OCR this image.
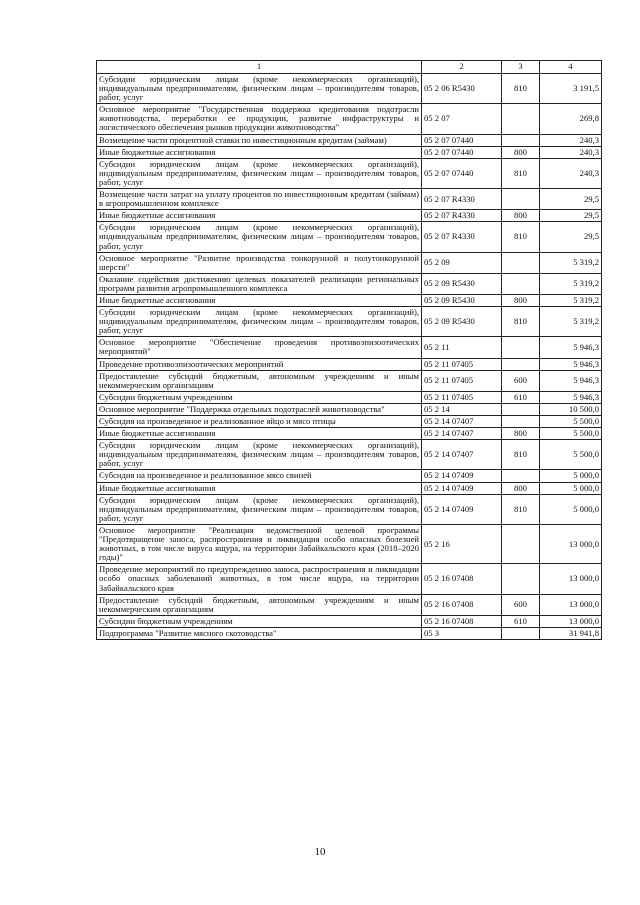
1	2	3	4
Субсидии юридическим лицам (кроме некоммерческих организаций), индивидуальным предпринимателям, физическим лицам – производителям товаров, работ, услуг	05 2 06 R5430	810	3 191,5
Основное мероприятие "Государственная поддержка кредитования подотрасли животноводства, переработки ее продукции, развитие инфраструктуры и логистического обеспечения рынков продукции животноводства"	05 2 07		269,8
Возмещение части процентной ставки по инвестиционным кредитам (займам)	05 2 07 07440		240,3
Иные бюджетные ассигнования	05 2 07 07440	800	240,3
Субсидии юридическим лицам (кроме некоммерческих организаций), индивидуальным предпринимателям, физическим лицам – производителям товаров, работ, услуг	05 2 07 07440	810	240,3
Возмещение части затрат на уплату процентов по инвестиционным кредитам (займам) в агропромышленном комплексе	05 2 07 R4330		29,5
Иные бюджетные ассигнования	05 2 07 R4330	800	29,5
Субсидии юридическим лицам (кроме некоммерческих организаций), индивидуальным предпринимателям, физическим лицам – производителям товаров, работ, услуг	05 2 07 R4330	810	29,5
Основное мероприятие "Развитие производства тонкорунной и полутонкорунной шерсти"	05 2 09		5 319,2
Оказание содействия достижению целевых показателей реализации региональных программ развития агропромышленного комплекса	05 2 09 R5430		5 319,2
Иные бюджетные ассигнования	05 2 09 R5430	800	5 319,2
Субсидии юридическим лицам (кроме некоммерческих организаций), индивидуальным предпринимателям, физическим лицам – производителям товаров, работ, услуг	05 2 09 R5430	810	5 319,2
Основное мероприятие "Обеспечение проведения противоэпизоотических мероприятий"	05 2 11		5 946,3
Проведение противоэпизоотических мероприятий	05 2 11 07405		5 946,3
Предоставление субсидий бюджетным, автономным учреждениям и иным некоммерческим организациям	05 2 11 07405	600	5 946,3
Субсидии бюджетным учреждениям	05 2 11 07405	610	5 946,3
Основное мероприятие "Поддержка отдельных подотраслей животноводства"	05 2 14		10 500,0
Субсидия на произведенное и реализованное яйцо и мясо птицы	05 2 14 07407		5 500,0
Иные бюджетные ассигнования	05 2 14 07407	800	5 500,0
Субсидии юридическим лицам (кроме некоммерческих организаций), индивидуальным предпринимателям, физическим лицам – производителям товаров, работ, услуг	05 2 14 07407	810	5 500,0
Субсидия на произведенное и реализованное мясо свиней	05 2 14 07409		5 000,0
Иные бюджетные ассигнования	05 2 14 07409	800	5 000,0
Субсидии юридическим лицам (кроме некоммерческих организаций), индивидуальным предпринимателям, физическим лицам – производителям товаров, работ, услуг	05 2 14 07409	810	5 000,0
Основное мероприятие "Реализация ведомственной целевой программы "Предотвращение заноса, распространения и ликвидация особо опасных болезней животных, в том числе вируса ящура, на территории Забайкальского края (2018–2020 годы)"	05 2 16		13 000,0
Проведение мероприятий по предупреждению заноса, распространения и ликвидации особо опасных заболеваний животных, в том числе ящура, на территории Забайкальского края	05 2 16 07408		13 000,0
Предоставление субсидий бюджетным, автономным учреждениям и иным некоммерческим организациям	05 2 16 07408	600	13 000,0
Субсидии бюджетным учреждениям	05 2 16 07408	610	13 000,0
Подпрограмма "Развитие мясного скотоводства"	05 3		31 941,8
10
